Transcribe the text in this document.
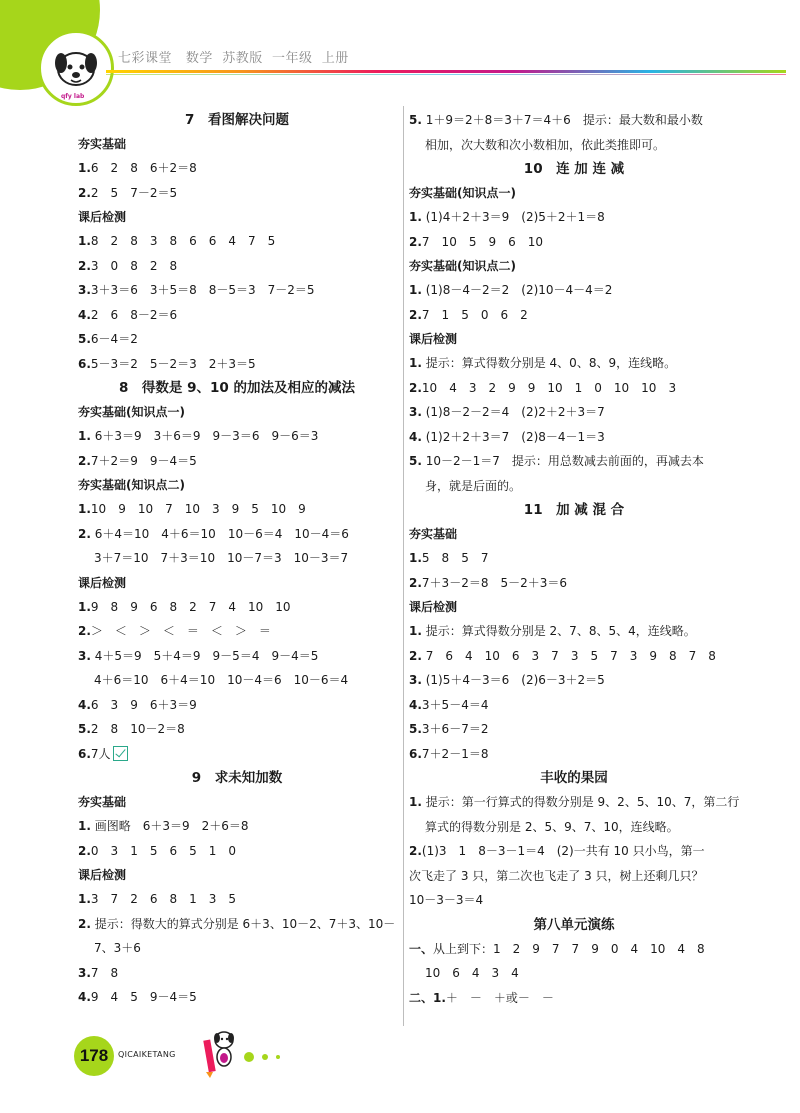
qfy lab
七彩课堂 数学 苏教版 一年级 上册
7　看图解决问题
夯实基础
1.6　2　8　6＋2＝8
2.2　5　7－2＝5
课后检测
1.8　2　8　3　8　6　6　4　7　5
2.3　0　8　2　8
3.3＋3＝6　3＋5＝8　8－5＝3　7－2＝5
4.2　6　8－2＝6
5.6－4＝2
6.5－3＝2　5－2＝3　2＋3＝5
8　得数是 9、10 的加法及相应的减法
夯实基础(知识点一)
1. 6＋3＝9　3＋6＝9　9－3＝6　9－6＝3
2.7＋2＝9　9－4＝5
夯实基础(知识点二)
1.10　9　10　7　10　3　9　5　10　9
2. 6＋4＝10　4＋6＝10　10－6＝4　10－4＝6
3＋7＝10　7＋3＝10　10－7＝3　10－3＝7
课后检测
1.9　8　9　6　8　2　7　4　10　10
2.＞　＜　＞　＜　＝　＜　＞　＝
3. 4＋5＝9　5＋4＝9　9－5＝4　9－4＝5
4＋6＝10　6＋4＝10　10－4＝6　10－6＝4
4.6　3　9　6＋3＝9
5.2　8　10－2＝8
6.7人
9　求未知加数
夯实基础
1. 画图略　6＋3＝9　2＋6＝8
2.0　3　1　5　6　5　1　0
课后检测
1.3　7　2　6　8　1　3　5
2. 提示：得数大的算式分别是 6＋3、10－2、7＋3、10－
7、3＋6
3.7　8
4.9　4　5　9－4＝5
5. 1＋9＝2＋8＝3＋7＝4＋6　提示：最大数和最小数
相加，次大数和次小数相加，依此类推即可。
10　连 加 连 减
夯实基础(知识点一)
1. (1)4＋2＋3＝9　(2)5＋2＋1＝8
2.7　10　5　9　6　10
夯实基础(知识点二)
1. (1)8－4－2＝2　(2)10－4－4＝2
2.7　1　5　0　6　2
课后检测
1. 提示：算式得数分别是 4、0、8、9，连线略。
2.10　4　3　2　9　9　10　1　0　10　10　3
3. (1)8－2－2＝4　(2)2＋2＋3＝7
4. (1)2＋2＋3＝7　(2)8－4－1＝3
5. 10－2－1＝7　提示：用总数减去前面的，再减去本
身，就是后面的。
11　加 减 混 合
夯实基础
1.5　8　5　7
2.7＋3－2＝8　5－2＋3＝6
课后检测
1. 提示：算式得数分别是 2、7、8、5、4，连线略。
2. 7　6　4　10　6　3　7　3　5　7　3　9　8　7　8
3. (1)5＋4－3＝6　(2)6－3＋2＝5
4.3＋5－4＝4
5.3＋6－7＝2
6.7＋2－1＝8
丰收的果园
1. 提示：第一行算式的得数分别是 9、2、5、10、7，第二行
算式的得数分别是 2、5、9、7、10，连线略。
2.(1)3　1　8－3－1＝4　(2)一共有 10 只小鸟，第一
次飞走了 3 只，第二次也飞走了 3 只，树上还剩几只？
10－3－3＝4
第八单元演练
一、从上到下：1　2　9　7　7　9　0　4　10　4　8
10　6　4　3　4
二、1.＋　－　＋或－　－
178 QICAIKETANG
